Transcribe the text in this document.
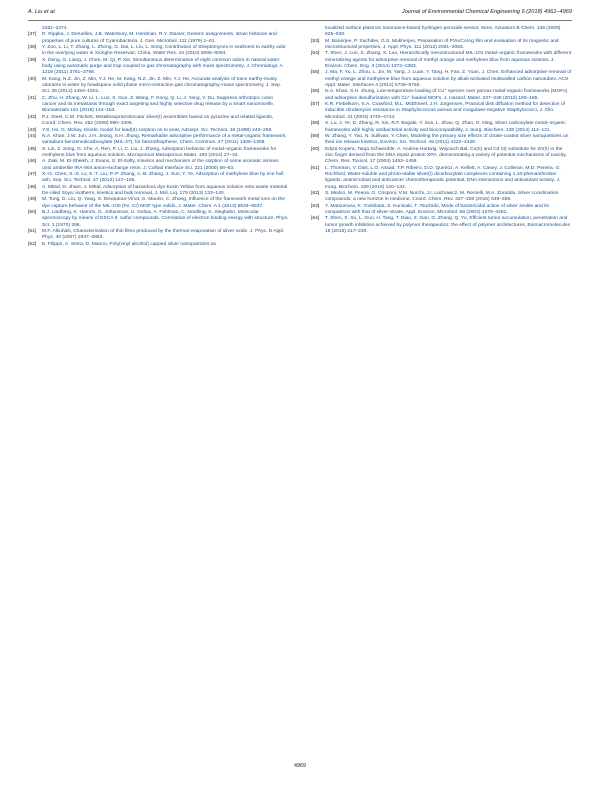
A. Liu et al.	Journal of Environmental Chemical Engineering 6 (2018) 4961–4969
2261–2274.
[37] R. Rippka, J. Deruelles, J.B. Waterbury, M. Herdman, R.Y. Stanier, Generic assignments, strain histories and properties of pure cultures of Cyanobacteria, J. Gen. Microbiol. 111 (1979) 1–61.
[38] Y. Zuo, L. Li, T. Zhang, L. Zheng, G. Dai, L. Liu, L. Song, Contribution of Streptomyces in sediment to earthy odor in the overlying water in Xionghe Reservoir, China, Water Res. 44 (2010) 6085–6094.
[39] X. Deng, G. Liang, J. Chen, M. Qi, P. Xie, Simultaneous determination of eight common odors in natural water body using automatic purge and trap coupled to gas chromatography with mass spectrometry, J. Chromatogr. A 1218 (2011) 3791–3798.
[40] M. Kang, N.Z. Jin, Z. Min, Y.J. He, M. Kang, N.Z. Jin, Z. Min, Y.J. He, Accurate analysis of trace earthy-musty odorants in water by headspace solid phase micro-extraction gas chromatography–mass spectrometry, J. Sep. Sci. 35 (2012) 1494–1501.
[41] C. Zhu, H. Zhang, W. Li, L. Luo, X. Guo, Z. Wang, F. Kong, Q. Li, J. Yang, Y. Du, Suppress orthotopic colon cancer and its metastasis through exact targeting and highly selective drug release by a smart nanomicelle, Biomaterials 161 (2018) 144–153.
[42] P.J. Steel, C.M. Fitchett, Metallosupramolecular silver(I) assemblies based on pyrazine and related ligands, Coord. Chem. Rev. 252 (2008) 990–1006.
[43] Y.S. Ho, G. Mckay, Kinetic model for lead(II) sorption on to peat, Adsorpt. Sci. Technol. 16 (1998) 243–255.
[44] N.A. Khan, J.W. Jun, J.H. Jeong, S.H. Jhung, Remarkable adsorptive performance of a metal-organic framework, vanadium-benzenedicarboxylate (MIL-47), for benzothiophene, Chem. Commun. 47 (2011) 1306–1308.
[45] S. Lin, Z. Song, G. Che, A. Ren, P. Li, C. Liu, J. Zhang, Adsorption behavior of metal–organic frameworks for methylene blue from aqueous solution, Microporous Mesoporous Mater. 193 (2014) 27–34.
[46] A. Zaki, M. El-Sheikh, J. Evans, S. El-Safty, Kinetics and mechanism of the sorption of some aromatic amines onto amberlite IRA-904 anion-exchange resin, J. Colloid Interface Sci. 221 (2000) 58–63.
[47] X.-G. Chen, S.-S. Lv, S.-T. Liu, P.-P. Zhang, A.-B. Zhang, J. Sun, Y. Ye, Adsorption of methylene blue by rice hull ash, Sep. Sci. Technol. 47 (2012) 147–156.
[48] A. Mittal, D. Jhare, J. Mittal, Adsorption of hazardous dye Eosin Yellow from aqueous solution onto waste material De-oiled Soya: isotherm, kinetics and bulk removal, J. Mol. Liq. 179 (2013) 133–140.
[49] M. Tong, D. Liu, Q. Yang, S. Devautour-Vinot, G. Maurin, C. Zhong, Influence of the framework metal ions on the dye capture behavior of the MIL-100 (Fe, Cr) MOF type solids, J. Mater. Chem. A 1 (2013) 8534–8537.
[50] B.J. Lindberg, K. Hamrin, G. Johansson, U. Gelius, A. Fahlman, C. Nordling, K. Siegbahn, Molecular spectroscopy by means of ESCA II. sulfur compounds. Correlation of electron binding energy with structure, Phys. Scr. 1 (1970) 286.
[51] M.F. Alkuhaili, Characterization of thin films produced by the thermal evaporation of silver oxide, J. Phys. D Appl. Phys. 40 (2007) 2847–2853.
[52] E. Filippo, A. Serra, D. Manno, Poly(vinyl alcohol) capped silver nanoparticles as
localized surface plasmon resonance-based hydrogen peroxide sensor, Sens. Actuators B Chem. 138 (2009) 625–630.
[53] M. Banerjee, P. Sachdev, G.S. Mukherjee, Preparation of PVA/Co/Ag film and evaluation of its magnetic and microstructural properties, J. Appl. Phys. 111 (2012) 2061–2063.
[54] T. Shen, J. Luo, S. Zhang, X. Luo, Hierarchically mesostructured MIL-101 metal–organic frameworks with different mineralizing agents for adsorptive removal of methyl orange and methylene blue from aqueous solution, J. Environ. Chem. Eng. 3 (2014) 1372–1383.
[55] J. Ma, F. Yu, L. Zhou, L. Jin, M. Yang, J. Luan, Y. Tang, H. Fan, Z. Yuan, J. Chen, Enhanced adsorptive removal of methyl orange and methylene blue from aqueous solution by alkali-activated multiwalled carbon nanotubes, ACS Appl. Mater. Interfaces 4 (2012) 5749–5760.
[56] N.A. Khan, S.H. Jhung, Low-temperature loading of Cu⁺ species over porous metal-organic frameworks (MOFs) and adsorptive desulfurization with Cu⁺-loaded MOFs, J. Hazard. Mater. 237–238 (2012) 180–185.
[57] K.R. Fiebelkorn, S.A. Crawford, M.L. McElmeel, J.H. Jorgensen, Practical disk diffusion method for detection of inducible clindamycin resistance in Staphylococcus aureus and coagulase-negative Staphylococci, J. Clin. Microbiol. 41 (2003) 4740–4744.
[58] X. Lu, J. Ye, D. Zhang, R. Xie, R.F. Bogale, Y. Sun, L. Zhao, Q. Zhao, G. Ning, Silver carboxylate metal–organic frameworks with highly antibacterial activity and biocompatibility, J. Inorg. Biochem. 138 (2014) 114–121.
[59] W. Zhang, Y. Yao, N. Sullivan, Y. Chen, Modeling the primary size effects of citrate-coated silver nanoparticles on their ion release kinetics, Environ. Sci. Technol. 45 (2011) 4422–4428.
[60] Edyta Kopera, Tanja Schwerdtle, A. Andrea Hartwig, Wojciech Bal, Co(II) and Cd (II) substitute for Zn(II) in the zinc finger derived from the DNA repair protein XPA, demonstrating a variety of potential mechanisms of toxicity, Chem. Res. Toxicol. 17 (2004) 1452–1458.
[61] L. Thornton, V. Dixit, L.O. Assad, T.P. Ribeiro, D.D. Queiroz, A. Kellett, A. Casey, J. Colleran, M.D. Pereira, G. Rochford, Water-soluble and photo-stable silver(I) dicarboxylate complexes containing 1,10-phenanthroline ligands: antimicrobial and anticancer chemotherapeutic potential, DNA interactions and antioxidant activity, J. Inorg. Biochem. 159 (2016) 120–132.
[62] S. Medici, M. Peana, G. Crisponi, V.M. Nurchi, J.I. Lachowicz, M. Remelli, M.A. Zoroddu, Silver coordination compounds: a new horizon in medicine, Coord. Chem. Rev. 327–328 (2016) 349–359.
[63] Y. Matsumura, K. Yoshikata, S. Kunisaki, T. Tsuchido, Mode of bactericidal action of silver zeolite and its comparison with that of silver nitrate, Appl. Environ. Microbiol. 69 (2003) 4278–4281.
[64] T. Shen, X. Xu, L. Guo, H. Tang, T. Diao, Z. Gan, G. Zhang, Q. Yu, Efficient tumor accumulation, penetration and tumor growth inhibition achieved by polymer therapeutics: the effect of polymer architectures, Biomacromolecules 18 (2016) 217–230.
4969
